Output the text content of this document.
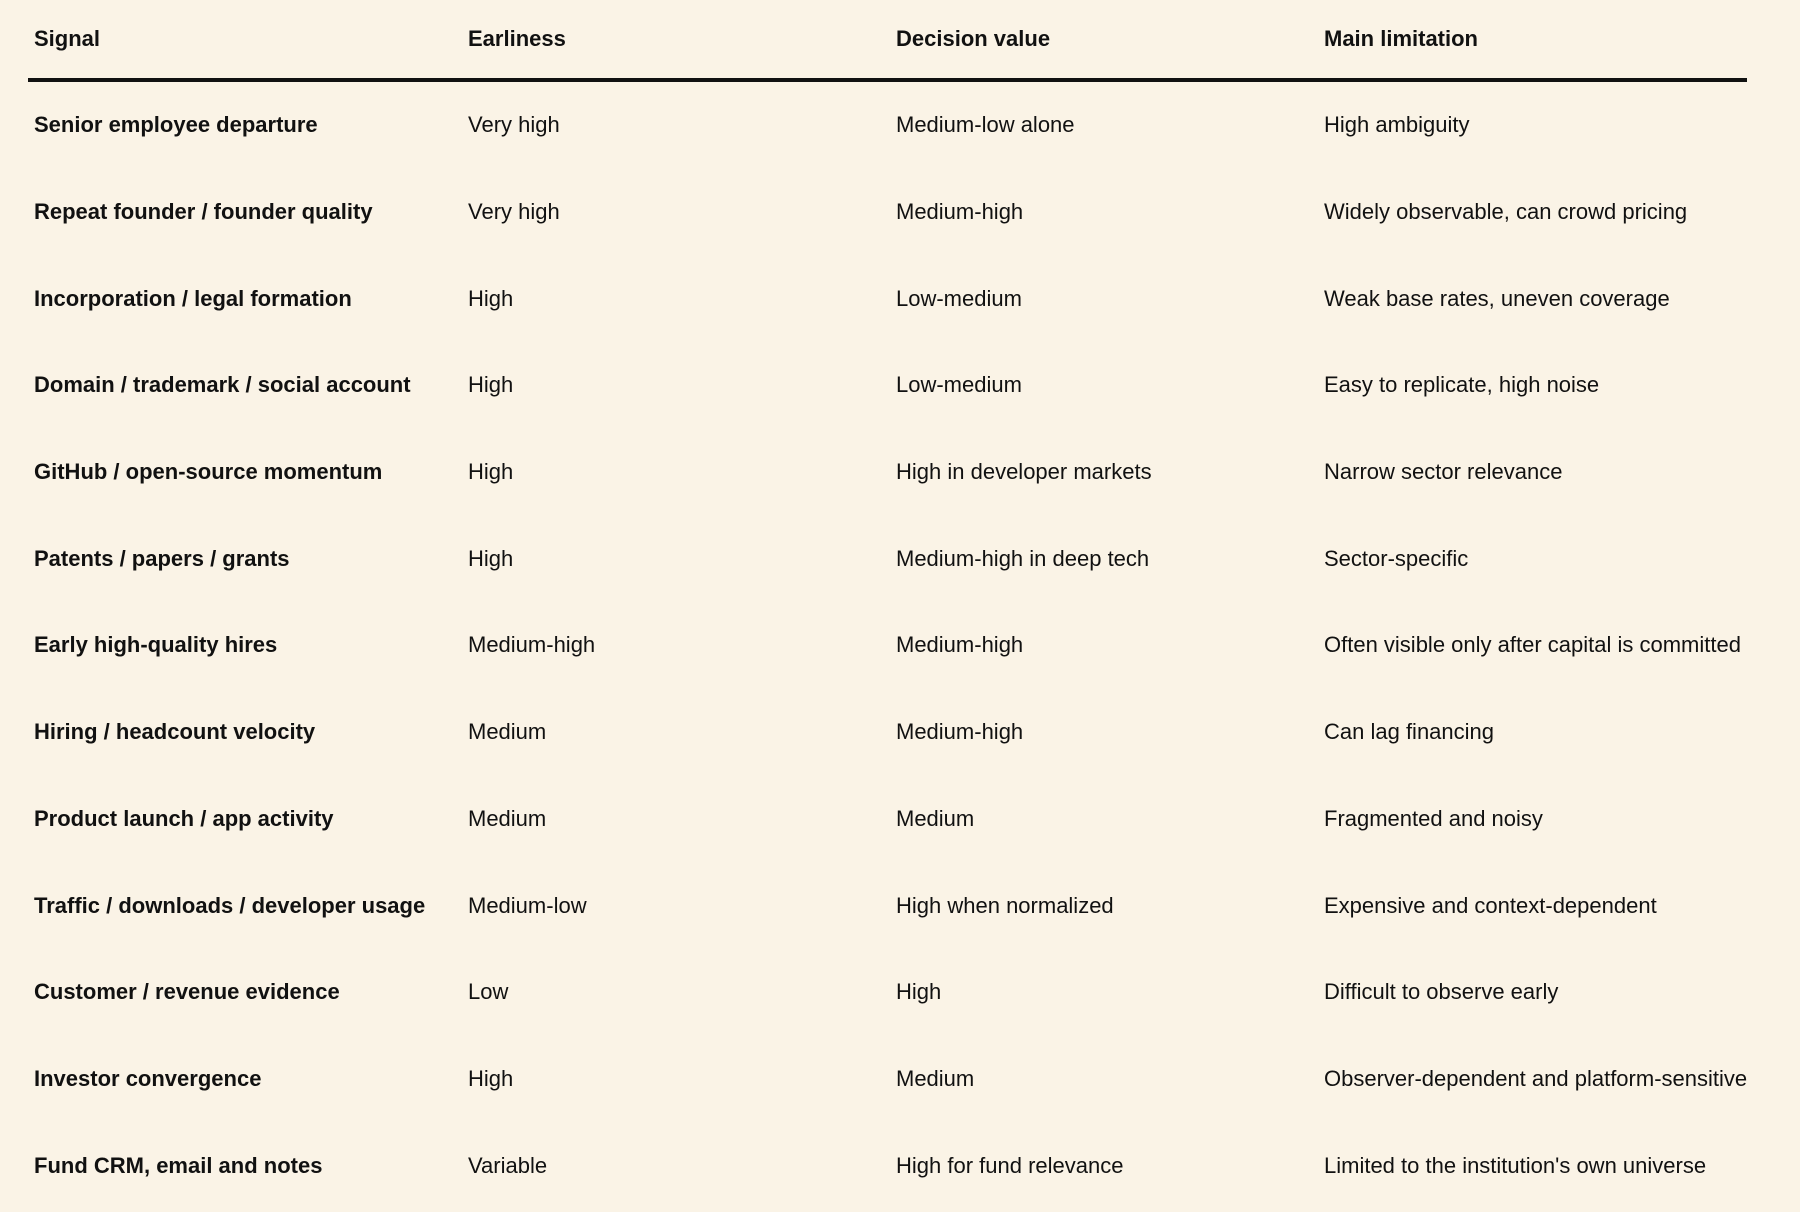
Signal	Earliness	Decision value	Main limitation
Senior employee departure	Very high	Medium-low alone	High ambiguity
Repeat founder / founder quality	Very high	Medium-high	Widely observable, can crowd pricing
Incorporation / legal formation	High	Low-medium	Weak base rates, uneven coverage
Domain / trademark / social account	High	Low-medium	Easy to replicate, high noise
GitHub / open-source momentum	High	High in developer markets	Narrow sector relevance
Patents / papers / grants	High	Medium-high in deep tech	Sector-specific
Early high-quality hires	Medium-high	Medium-high	Often visible only after capital is committed
Hiring / headcount velocity	Medium	Medium-high	Can lag financing
Product launch / app activity	Medium	Medium	Fragmented and noisy
Traffic / downloads / developer usage	Medium-low	High when normalized	Expensive and context-dependent
Customer / revenue evidence	Low	High	Difficult to observe early
Investor convergence	High	Medium	Observer-dependent and platform-sensitive
Fund CRM, email and notes	Variable	High for fund relevance	Limited to the institution's own universe
